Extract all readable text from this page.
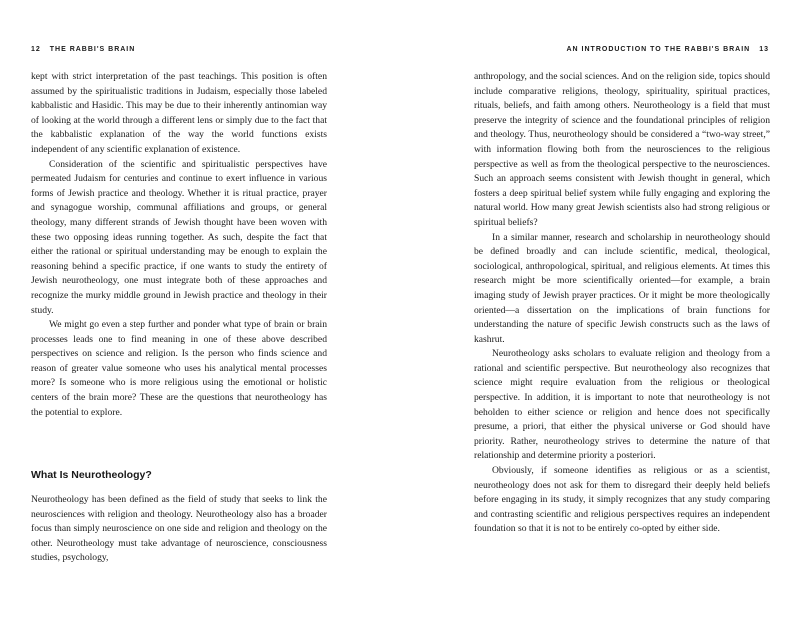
12 THE RABBI'S BRAIN

kept with strict interpretation of the past teachings. This position is often assumed by the spiritualistic traditions in Judaism, especially those labeled kabbalistic and Hasidic. This may be due to their inherently antinomian way of looking at the world through a different lens or simply due to the fact that the kabbalistic explanation of the way the world functions exists independent of any scientific explanation of existence.

Consideration of the scientific and spiritualistic perspectives have permeated Judaism for centuries and continue to exert influence in various forms of Jewish practice and theology. Whether it is ritual practice, prayer and synagogue worship, communal affiliations and groups, or general theology, many different strands of Jewish thought have been woven with these two opposing ideas running together. As such, despite the fact that either the rational or spiritual understanding may be enough to explain the reasoning behind a specific practice, if one wants to study the entirety of Jewish neurotheology, one must integrate both of these approaches and recognize the murky middle ground in Jewish practice and theology in their study.

We might go even a step further and ponder what type of brain or brain processes leads one to find meaning in one of these above described perspectives on science and religion. Is the person who finds science and reason of greater value someone who uses his analytical mental processes more? Is someone who is more religious using the emotional or holistic centers of the brain more? These are the questions that neurotheology has the potential to explore.

What Is Neurotheology?

Neurotheology has been defined as the field of study that seeks to link the neurosciences with religion and theology. Neurotheology also has a broader focus than simply neuroscience on one side and religion and theology on the other. Neurotheology must take advantage of neuroscience, consciousness studies, psychology,

AN INTRODUCTION TO THE RABBI'S BRAIN 13

anthropology, and the social sciences. And on the religion side, topics should include comparative religions, theology, spirituality, spiritual practices, rituals, beliefs, and faith among others. Neurotheology is a field that must preserve the integrity of science and the foundational principles of religion and theology. Thus, neurotheology should be considered a “two-way street,” with information flowing both from the neurosciences to the religious perspective as well as from the theological perspective to the neurosciences. Such an approach seems consistent with Jewish thought in general, which fosters a deep spiritual belief system while fully engaging and exploring the natural world. How many great Jewish scientists also had strong religious or spiritual beliefs?

In a similar manner, research and scholarship in neurotheology should be defined broadly and can include scientific, medical, theological, sociological, anthropological, spiritual, and religious elements. At times this research might be more scientifically oriented—for example, a brain imaging study of Jewish prayer practices. Or it might be more theologically oriented—a dissertation on the implications of brain functions for understanding the nature of specific Jewish constructs such as the laws of kashrut.

Neurotheology asks scholars to evaluate religion and theology from a rational and scientific perspective. But neurotheology also recognizes that science might require evaluation from the religious or theological perspective. In addition, it is important to note that neurotheology is not beholden to either science or religion and hence does not specifically presume, a priori, that either the physical universe or God should have priority. Rather, neurotheology strives to determine the nature of that relationship and determine priority a posteriori.

Obviously, if someone identifies as religious or as a scientist, neurotheology does not ask for them to disregard their deeply held beliefs before engaging in its study, it simply recognizes that any study comparing and contrasting scientific and religious perspectives requires an independent foundation so that it is not to be entirely co-opted by either side.
